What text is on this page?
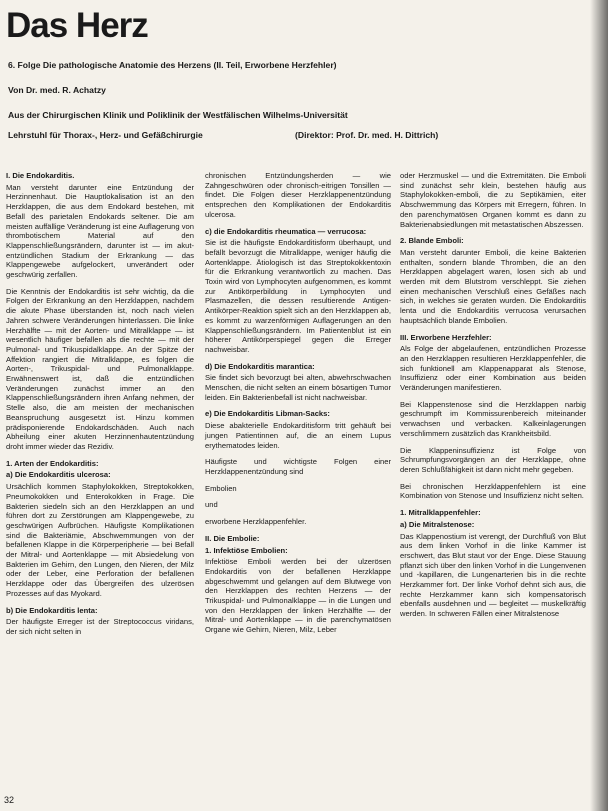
Das Herz
6. Folge Die pathologische Anatomie des Herzens (II. Teil, Erworbene Herzfehler)
Von Dr. med. R. Achatzy
Aus der Chirurgischen Klinik und Poliklinik der Westfälischen Wilhelms-Universität
Lehrstuhl für Thorax-, Herz- und Gefäßchirurgie	(Direktor: Prof. Dr. med. H. Dittrich)
I. Die Endokarditis.

Man versteht darunter eine Entzündung der Herzinnenhaut. Die Hauptlokalisation ist an den Herzklappen, die aus dem Endokard bestehen, mit Befall des parietalen Endokards seltener. Die am meisten auffällige Veränderung ist eine Auflagerung von thrombotischem Material auf den Klappenschließungsrändern, darunter ist — im akut-entzündlichen Stadium der Erkrankung — das Klappengewebe aufgelockert, unverändert oder geschwürig zerfallen.

Die Kenntnis der Endokarditis ist sehr wichtig, da die Folgen der Erkrankung an den Herzklappen, nachdem die akute Phase überstanden ist, noch nach vielen Jahren schwere Veränderungen hinterlassen. Die linke Herzhälfte — mit der Aorten- und Mitralklappe — ist wesentlich häufiger befallen als die rechte — mit der Pulmonal- und Trikuspidalklappe. An der Spitze der Affektion rangiert die Mitralklappe, es folgen die Aorten-, Trikuspidal- und Pulmonalklappe. Erwähnenswert ist, daß die entzündlichen Veränderungen zunächst immer an den Klappenschließungsrändern ihren Anfang nehmen, der Stelle also, die am meisten der mechanischen Beanspruchung ausgesetzt ist. Hinzu kommen prädisponierende Endokardschäden. Auch nach Abheilung einer akuten Herzinnenhautentzündung droht immer wieder das Rezidiv.

1. Arten der Endokarditis:
a) Die Endokarditis ulcerosa:

Ursächlich kommen Staphylokokken, Streptokokken, Pneumokokken und Enterokokken in Frage. Die Bakterien siedeln sich an den Herzklappen an und führen dort zu Zerstörungen am Klappengewebe, zu geschwürigen Aufbrüchen. Häufigste Komplikationen sind die Bakteriämie, Abschwemmungen von der befallenen Klappe in die Körperperipherie — bei Befall der Mitral- und Aortenklappe — mit Absiedelung von Bakterien im Gehirn, den Lungen, den Nieren, der Milz oder der Leber, eine Perforation der befallenen Herzklappe oder das Übergreifen des ulzerösen Prozesses auf das Myokard.

b) Die Endokarditis lenta:

Der häufigste Erreger ist der Streptococcus viridans, der sich nicht selten in

chronischen Entzündungsherden — wie Zahngeschwüren oder chronisch-eitrigen Tonsillen — findet. Die Folgen dieser Herzklappenentzündung entsprechen den Komplikationen der Endokarditis ulcerosa.

c) die Endokarditis rheumatica — verrucosa:

Sie ist die häufigste Endokarditisform überhaupt, und befällt bevorzugt die Mitralklappe, weniger häufig die Aortenklappe. Ätiologisch ist das Streptokokkentoxin für die Erkrankung verantwortlich zu machen. Das Toxin wird von Lymphocyten aufgenommen, es kommt zur Antikörperbildung in Lymphocyten und Plasmazellen, die dessen resultierende Antigen-Antikörper-Reaktion spielt sich an den Herzklappen ab, es kommt zu warzenförmigen Auflagerungen an den Klappenschließungsrändern. Im Patientenblut ist ein höherer Antikörperspiegel gegen die Erreger nachweisbar.

d) Die Endokarditis marantica:

Sie findet sich bevorzugt bei alten, abwehrschwachen Menschen, die nicht selten an einem bösartigen Tumor leiden. Ein Bakterienbefall ist nicht nachweisbar.

e) Die Endokarditis Libman-Sacks:

Diese abakterielle Endokarditisform tritt gehäuft bei jungen Patientinnen auf, die an einem Lupus erythematodes leiden.

Häufigste und wichtigste Folgen einer Herzklappenentzündung sind

Embolien

und

erworbene Herzklappenfehler.

II. Die Embolie:
1. Infektiöse Embolien:

Infektiöse Emboli werden bei der ulzerösen Endokarditis von der befallenen Herzklappe abgeschwemmt und gelangen auf dem Blutwege von den Herzklappen des rechten Herzens — der Trikuspidal- und Pulmonalklappe — in die Lungen und von den Herzklappen der linken Herzhälfte — der Mitral- und Aortenklappe — in die parenchymatösen Organe wie Gehirn, Nieren, Milz, Leber

oder Herzmuskel — und die Extremitäten. Die Emboli sind zunächst sehr klein, bestehen häufig aus Staphylokokken-emboli, die zu Septikämien, eiter Abschwemmung das Körpers mit Erregern, führen. In den parenchymatösen Organen kommt es dann zu Bakterienabsiedlungen mit metastatischen Abszessen.

2. Blande Emboli:

Man versteht darunter Emboli, die keine Bakterien enthalten, sondern blande Thromben, die an den Herzklappen abgelagert waren, losen sich ab und werden mit dem Blutstrom verschleppt. Sie ziehen einen mechanischen Verschluß eines Gefäßes nach sich, in welches sie geraten wurden. Die Endokarditis lenta und die Endokarditis verrucosa verursachen hauptsächlich blande Embolien.

III. Erworbene Herzfehler:

Als Folge der abgelaufenen, entzündlichen Prozesse an den Herzklappen resultieren Herzklappenfehler, die sich funktionell am Klappenapparat als Stenose, Insuffizienz oder einer Kombination aus beiden Veränderungen manifestieren.

Bei Klappenstenose sind die Herzklappen narbig geschrumpft im Kommissurenbereich miteinander verwachsen und verbacken. Kalkeinlagerungen verschlimmern zusätzlich das Krankheitsbild.

Die Klappeninsuffizienz ist Folge von Schrumpfungsvorgängen an der Herzklappe, ohne deren Schlußfähigkeit ist dann nicht mehr gegeben.

Bei chronischen Herzklappenfehlern ist eine Kombination von Stenose und Insuffizienz nicht selten.

1. Mitralklappenfehler:
a) Die Mitralstenose:

Das Klappenostium ist verengt, der Durchfluß von Blut aus dem linken Vorhof in die linke Kammer ist erschwert, das Blut staut vor der Enge. Diese Stauung pflanzt sich über den linken Vorhof in die Lungenvenen und -kapillaren, die Lungenarterien bis in die rechte Herzkammer fort. Der linke Vorhof dehnt sich aus, die rechte Herzkammer kann sich kompensatorisch ebenfalls ausdehnen und — begleitet — muskelkräftig werden. In schweren Fällen einer Mitralstenose

32
